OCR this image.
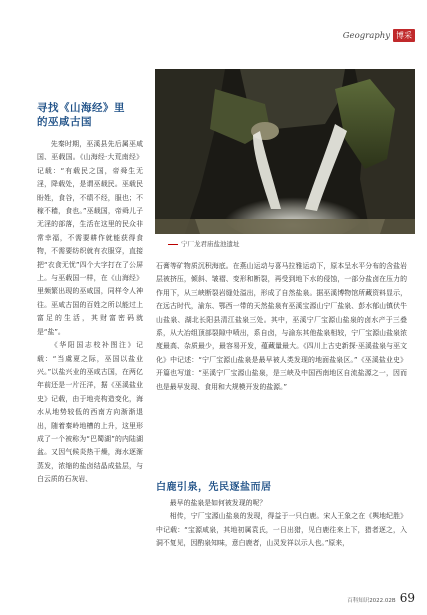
Geography 博采
寻找《山海经》里
的巫咸古国
宁厂龙君庙盐池遗址

先秦时期，巫溪县先后属巫咸国、巫载国。《山海经·大荒南经》记载：“有载民之国，帝舜生无淫，降载处，是谓巫载民。巫载民盼姓，食谷，不绩不经，服也；不稼不穑，食也。”巫载国，帝舜儿子无淫的部落，生活在这里的民众非常幸福，不需要耕作就能获得食物，不需要纺织就有衣服穿，直接把“衣食无忧”四个大字打在了公屏上。与巫载国一样，在《山海经》里频繁出现的巫咸国，同样令人神往。巫咸古国的百姓之所以能过上富足的生活，其财富密码就是“盐”。

《华阳国志校补图注》记载：“当虞夏之际，巫国以盐业兴。”以盐兴业的巫咸古国，在两亿年前还是一片汪洋，据《巫溪盐业史》记载，由于地壳构造变化，海水从地势较低的西南方向渐渐退出，随着秦岭地槽的上升，这里形成了一个被称为“巴蜀湖”的内陆湖盆。又因气候炎热干燥，海水逐渐蒸发，浓缩的盐卤结晶成盐层，与白云质的石灰岩、

石膏等矿物质沉积海底。在燕山运动与喜马拉雅运动下，原本呈水平分布的含盐岩层被挤压，倾斜、皱褶、变形和断裂，再受到地下水的侵蚀，一部分盐卤在压力的作用下，从三峡断裂岩缝处溢出，形成了自然盐泉。据巫溪博物馆所藏资料显示，在远古时代，渝东、鄂西一带的天然盐泉有巫溪宝源山宁厂盐泉、彭水郁山镇伏牛山盐泉、湖北长阳县清江盐泉三处。其中，巫溪宁厂宝源山盐泉的卤水产于三叠系，从大冶组顶部裂隙中喷出，系自卤，与渝东其他盐泉相较，宁厂宝源山盐泉浓度最高、杂质最少，最容易开发，蕴藏量最大。《四川上古史新探·巫溪盐泉与巫文化》中记述：“宁厂宝源山盐泉是最早被人类发现的地面盐泉区。”《巫溪盐业史》开篇也写道：“巫溪宁厂宝源山盐泉，是三峡及中国西南地区自流盐源之一，因而也是最早发现、食用和大规模开发的盐源。”

白鹿引泉，先民逐盐而居

最早的盐泉是如何被发现的呢？

相传，宁厂宝源山盐泉的发现，得益于一只白鹿。宋人王象之在《舆地纪胜》中记载：“宝源咸泉，其地初属袁氏，一日出猎，见白鹿往来上下，猎者逐之，入洞不复见，因酌泉知味，意白鹿者，山灵发祥以示人也。”原来，

百科知识2022.02B 69
